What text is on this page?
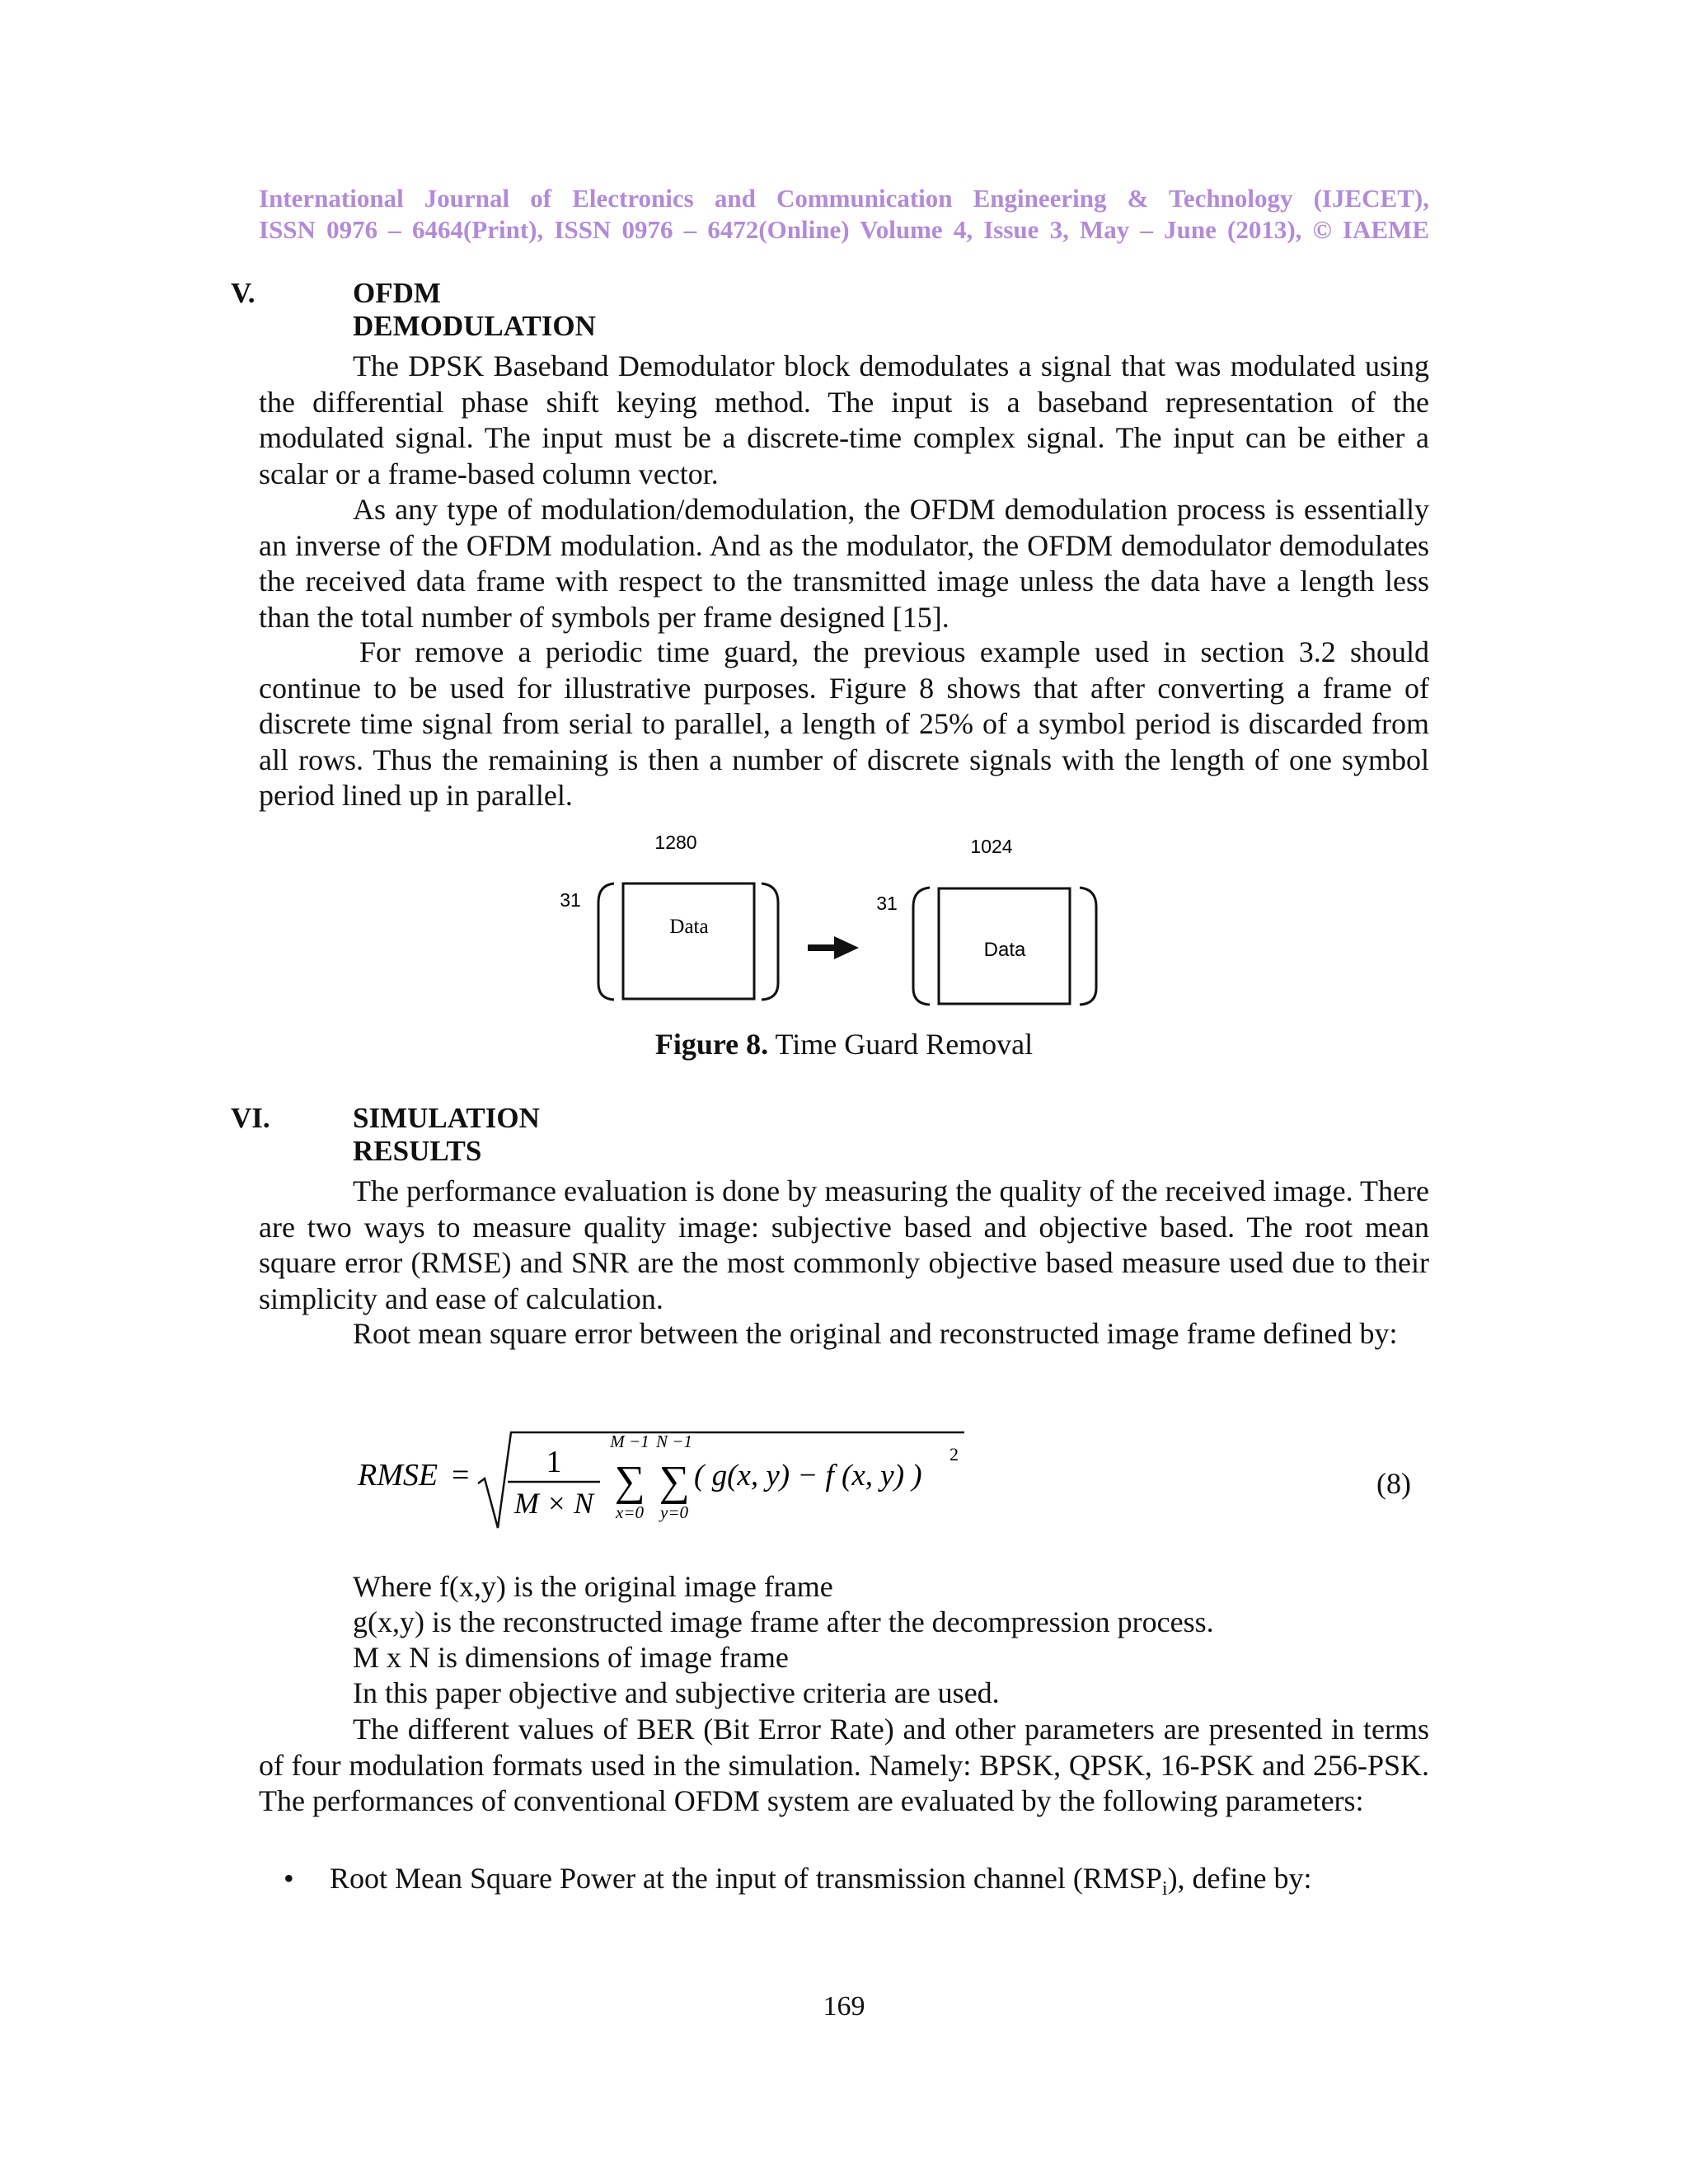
International Journal of Electronics and Communication Engineering & Technology (IJECET),
ISSN 0976 – 6464(Print), ISSN 0976 – 6472(Online) Volume 4, Issue 3, May – June (2013), © IAEME
V.	OFDM DEMODULATION

The DPSK Baseband Demodulator block demodulates a signal that was modulated using the differential phase shift keying method. The input is a baseband representation of the modulated signal. The input must be a discrete-time complex signal. The input can be either a scalar or a frame-based column vector.

As any type of modulation/demodulation, the OFDM demodulation process is essentially an inverse of the OFDM modulation. And as the modulator, the OFDM demodulator demodulates the received data frame with respect to the transmitted image unless the data have a length less than the total number of symbols per frame designed [15].

For remove a periodic time guard, the previous example used in section 3.2 should continue to be used for illustrative purposes. Figure 8 shows that after converting a frame of discrete time signal from serial to parallel, a length of 25% of a symbol period is discarded from all rows. Thus the remaining is then a number of discrete signals with the length of one symbol period lined up in parallel.

1280
31
Data
1024
31
Data
Figure 8. Time Guard Removal
VI.	SIMULATION RESULTS

The performance evaluation is done by measuring the quality of the received image. There are two ways to measure quality image: subjective based and objective based. The root mean square error (RMSE) and SNR are the most commonly objective based measure used due to their simplicity and ease of calculation.

Root mean square error between the original and reconstructed image frame defined by:

RMSE = 1
M × N
M −1
∑
x=0
N −1
∑
y=0
( g(x, y) − f (x, y) )
2
(8)

Where f(x,y) is the original image frame

g(x,y) is the reconstructed image frame after the decompression process.

M x N is dimensions of image frame

In this paper objective and subjective criteria are used.

The different values of BER (Bit Error Rate) and other parameters are presented in terms of four modulation formats used in the simulation. Namely: BPSK, QPSK, 16-PSK and 256-PSK. The performances of conventional OFDM system are evaluated by the following parameters:

• Root Mean Square Power at the input of transmission channel $(RMSP_i)$, define by:
169
